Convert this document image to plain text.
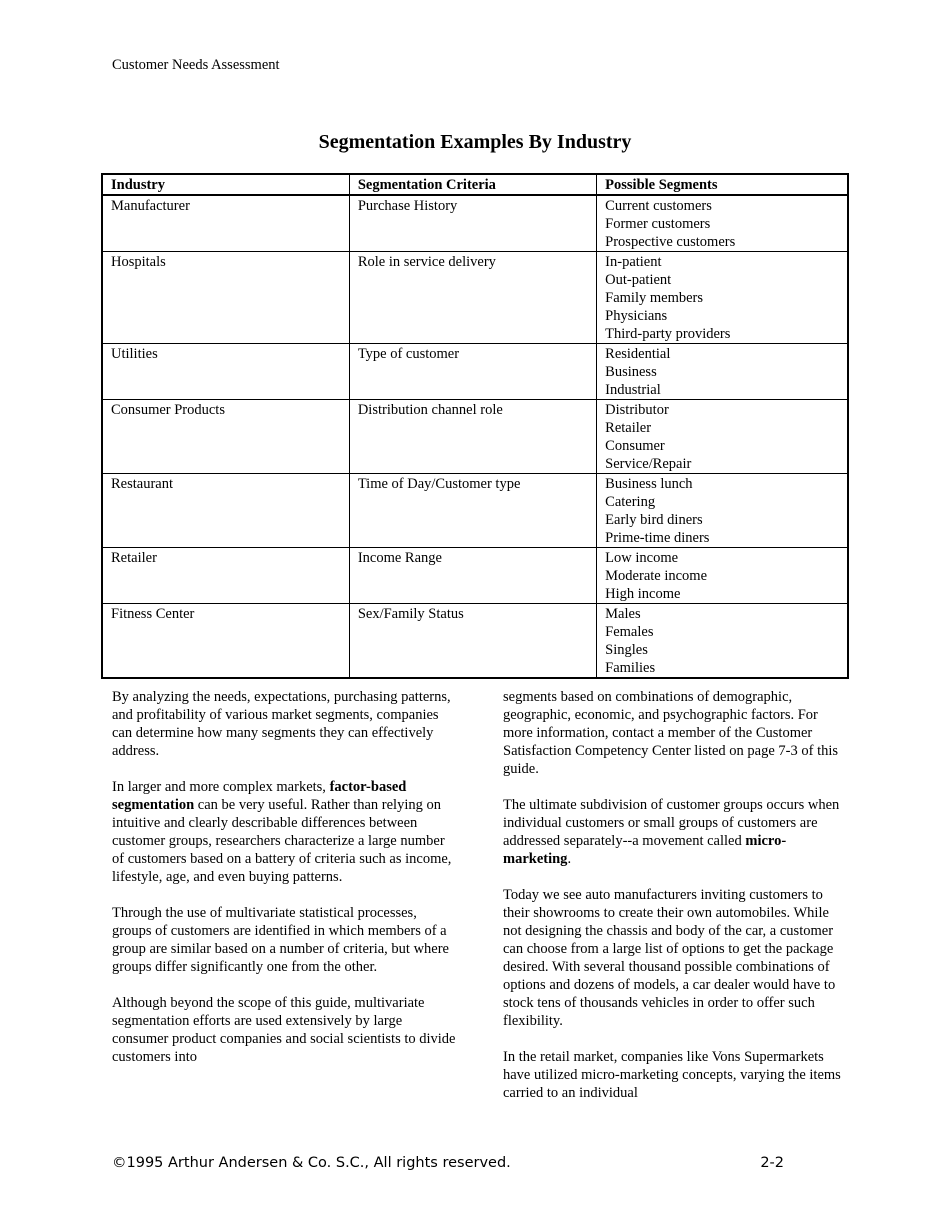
Customer Needs Assessment
Segmentation Examples By Industry
Industry	Segmentation Criteria	Possible Segments
Manufacturer	Purchase History	Current customers
Former customers
Prospective customers

Hospitals	Role in service delivery	In-patient
Out-patient
Family members
Physicians
Third-party providers

Utilities	Type of customer	Residential
Business
Industrial

Consumer Products	Distribution channel role	Distributor
Retailer
Consumer
Service/Repair

Restaurant	Time of Day/Customer type	Business lunch
Catering
Early bird diners
Prime-time diners

Retailer	Income Range	Low income
Moderate income
High income

Fitness Center	Sex/Family Status	Males
Females
Singles
Families

By analyzing the needs, expectations, purchasing patterns, and profitability of various market segments, companies can determine how many segments they can effectively address.

In larger and more complex markets, factor-based segmentation can be very useful. Rather than relying on intuitive and clearly describable differences between customer groups, researchers characterize a large number of customers based on a battery of criteria such as income, lifestyle, age, and even buying patterns.

Through the use of multivariate statistical processes, groups of customers are identified in which members of a group are similar based on a number of criteria, but where groups differ significantly one from the other.

Although beyond the scope of this guide, multivariate segmentation efforts are used extensively by large consumer product companies and social scientists to divide customers into

segments based on combinations of demographic, geographic, economic, and psychographic factors. For more information, contact a member of the Customer Satisfaction Competency Center listed on page 7-3 of this guide.

The ultimate subdivision of customer groups occurs when individual customers or small groups of customers are addressed separately--a movement called micro-marketing.

Today we see auto manufacturers inviting customers to their showrooms to create their own automobiles. While not designing the chassis and body of the car, a customer can choose from a large list of options to get the package desired. With several thousand possible combinations of options and dozens of models, a car dealer would have to stock tens of thousands vehicles in order to offer such flexibility.

In the retail market, companies like Vons Supermarkets have utilized micro-marketing concepts, varying the items carried to an individual

©1995 Arthur Andersen & Co. S.C., All rights reserved.	2-2
